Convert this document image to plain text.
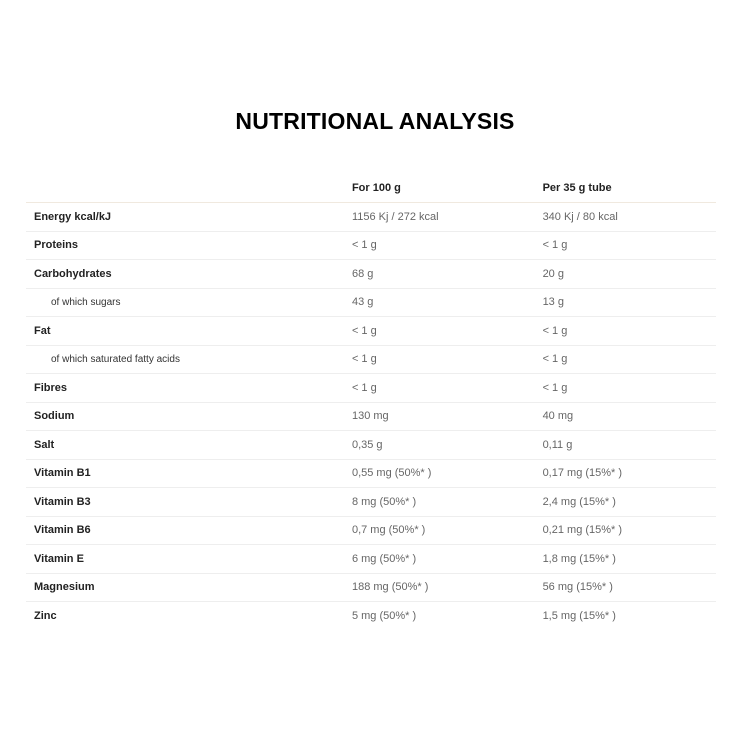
NUTRITIONAL ANALYSIS
	For 100 g	Per 35 g tube
Energy kcal/kJ	1156 Kj / 272 kcal	340 Kj / 80 kcal
Proteins	< 1 g	< 1 g
Carbohydrates	68 g	20 g
of which sugars	43 g	13 g
Fat	< 1 g	< 1 g
of which saturated fatty acids	< 1 g	< 1 g
Fibres	< 1 g	< 1 g
Sodium	130 mg	40 mg
Salt	0,35 g	0,11 g
Vitamin B1	0,55 mg (50%* )	0,17 mg (15%* )
Vitamin B3	8 mg (50%* )	2,4 mg (15%* )
Vitamin B6	0,7 mg (50%* )	0,21 mg (15%* )
Vitamin E	6 mg (50%* )	1,8 mg (15%* )
Magnesium	188 mg (50%* )	56 mg (15%* )
Zinc	5 mg (50%* )	1,5 mg (15%* )
